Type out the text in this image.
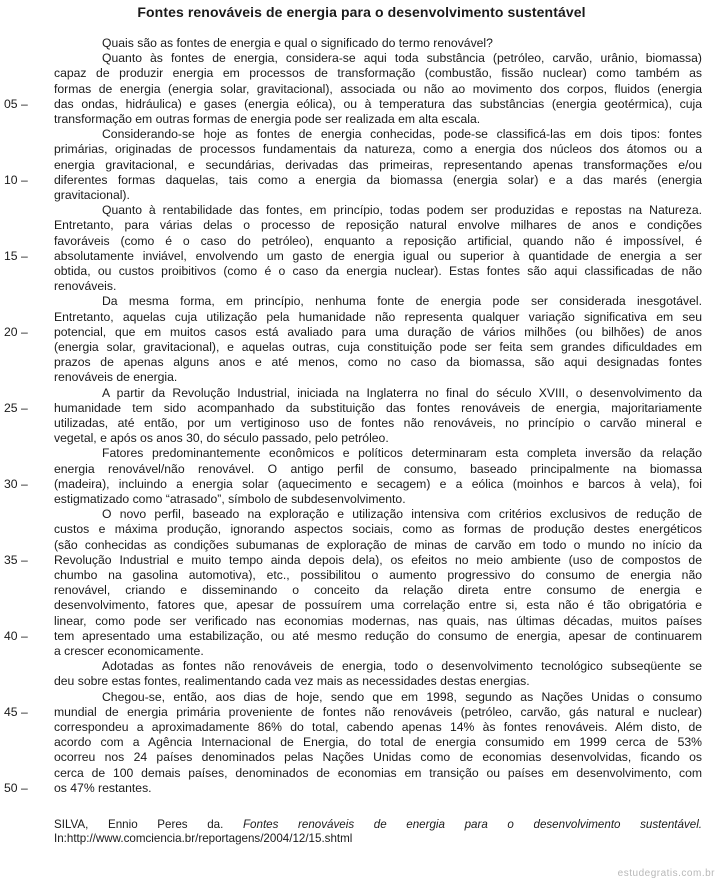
Fontes renováveis de energia para o desenvolvimento sustentável
Quais são as fontes de energia e qual o significado do termo renovável?
Quanto às fontes de energia, considera-se aqui toda substância (petróleo, carvão, urânio, biomassa)
capaz de produzir energia em processos de transformação (combustão, fissão nuclear) como também as
formas de energia (energia solar, gravitacional), associada ou não ao movimento dos corpos, fluidos (energia
das ondas, hidráulica) e gases (energia eólica), ou à temperatura das substâncias (energia geotérmica), cuja
transformação em outras formas de energia pode ser realizada em alta escala.
Considerando-se hoje as fontes de energia conhecidas, pode-se classificá-las em dois tipos: fontes
primárias, originadas de processos fundamentais da natureza, como a energia dos núcleos dos átomos ou a
energia gravitacional, e secundárias, derivadas das primeiras, representando apenas transformações e/ou
diferentes formas daquelas, tais como a energia da biomassa (energia solar) e a das marés (energia
gravitacional).
Quanto à rentabilidade das fontes, em princípio, todas podem ser produzidas e repostas na Natureza.
Entretanto, para várias delas o processo de reposição natural envolve milhares de anos e condições
favoráveis (como é o caso do petróleo), enquanto a reposição artificial, quando não é impossível, é
absolutamente inviável, envolvendo um gasto de energia igual ou superior à quantidade de energia a ser
obtida, ou custos proibitivos (como é o caso da energia nuclear). Estas fontes são aqui classificadas de não
renováveis.
Da mesma forma, em princípio, nenhuma fonte de energia pode ser considerada inesgotável.
Entretanto, aquelas cuja utilização pela humanidade não representa qualquer variação significativa em seu
potencial, que em muitos casos está avaliado para uma duração de vários milhões (ou bilhões) de anos
(energia solar, gravitacional), e aquelas outras, cuja constituição pode ser feita sem grandes dificuldades em
prazos de apenas alguns anos e até menos, como no caso da biomassa, são aqui designadas fontes
renováveis de energia.
A partir da Revolução Industrial, iniciada na Inglaterra no final do século XVIII, o desenvolvimento da
humanidade tem sido acompanhado da substituição das fontes renováveis de energia, majoritariamente
utilizadas, até então, por um vertiginoso uso de fontes não renováveis, no princípio o carvão mineral e
vegetal, e após os anos 30, do século passado, pelo petróleo.
Fatores predominantemente econômicos e políticos determinaram esta completa inversão da relação
energia renovável/não renovável. O antigo perfil de consumo, baseado principalmente na biomassa
(madeira), incluindo a energia solar (aquecimento e secagem) e a eólica (moinhos e barcos à vela), foi
estigmatizado como “atrasado”, símbolo de subdesenvolvimento.
O novo perfil, baseado na exploração e utilização intensiva com critérios exclusivos de redução de
custos e máxima produção, ignorando aspectos sociais, como as formas de produção destes energéticos
(são conhecidas as condições subumanas de exploração de minas de carvão em todo o mundo no início da
Revolução Industrial e muito tempo ainda depois dela), os efeitos no meio ambiente (uso de compostos de
chumbo na gasolina automotiva), etc., possibilitou o aumento progressivo do consumo de energia não
renovável, criando e disseminando o conceito da relação direta entre consumo de energia e
desenvolvimento, fatores que, apesar de possuírem uma correlação entre si, esta não é tão obrigatória e
linear, como pode ser verificado nas economias modernas, nas quais, nas últimas décadas, muitos países
tem apresentado uma estabilização, ou até mesmo redução do consumo de energia, apesar de continuarem
a crescer economicamente.
Adotadas as fontes não renováveis de energia, todo o desenvolvimento tecnológico subseqüente se
deu sobre estas fontes, realimentando cada vez mais as necessidades destas energias.
Chegou-se, então, aos dias de hoje, sendo que em 1998, segundo as Nações Unidas o consumo
mundial de energia primária proveniente de fontes não renováveis (petróleo, carvão, gás natural e nuclear)
correspondeu a aproximadamente 86% do total, cabendo apenas 14% às fontes renováveis. Além disto, de
acordo com a Agência Internacional de Energia, do total de energia consumido em 1999 cerca de 53%
ocorreu nos 24 países denominados pelas Nações Unidas como de economias desenvolvidas, ficando os
cerca de 100 demais países, denominados de economias em transição ou países em desenvolvimento, com
os 47% restantes.
05 –
10 –
15 –
20 –
25 –
30 –
35 –
40 –
45 –
50 –
SILVA, Ennio Peres da. Fontes renováveis de energia para o desenvolvimento sustentável.
In:http://www.comciencia.br/reportagens/2004/12/15.shtml
estudegratis.com.br
